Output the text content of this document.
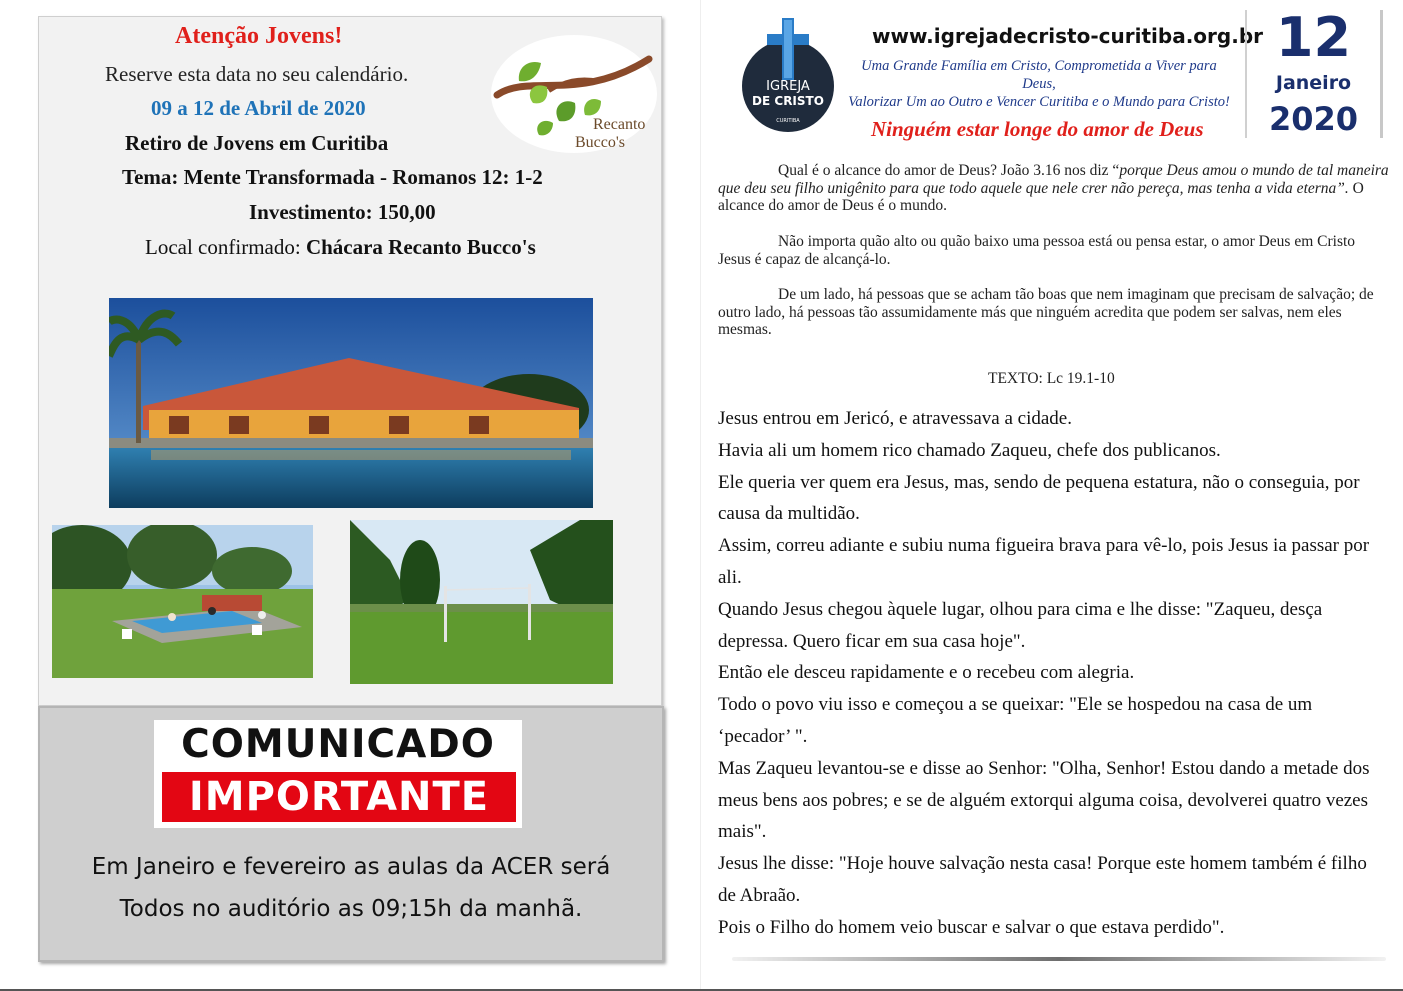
Atenção Jovens!
Reserve esta data no seu calendário.
09 a 12 de Abril de 2020
Retiro de Jovens em Curitiba
Tema: Mente Transformada - Romanos 12: 1-2
Investimento: 150,00
Local confirmado: Chácara Recanto Bucco's
Recanto
Bucco's
COMUNICADO
IMPORTANTE
Em Janeiro e fevereiro as aulas da ACER será
Todos no auditório as 09;15h da manhã.
IGREJA
DE CRISTO
CURITIBA
www.igrejadecristo-curitiba.org.br
Uma Grande Família em Cristo, Comprometida a Viver para Deus,
Valorizar Um ao Outro e Vencer Curitiba e o Mundo para Cristo!
Ninguém estar longe do amor de Deus
12
Janeiro
2020
Qual é o alcance do amor de Deus? João 3.16 nos diz “porque Deus amou o mundo de tal maneira que deu seu filho unigênito para que todo aquele que nele crer não pereça, mas tenha a vida eterna”. O alcance do amor de Deus é o mundo.
Não importa quão alto ou quão baixo uma pessoa está ou pensa estar, o amor Deus em Cristo Jesus é capaz de alcançá-lo.
De um lado, há pessoas que se acham tão boas que nem imaginam que precisam de salvação; de outro lado, há pessoas tão assumidamente más que ninguém acredita que podem ser salvas, nem eles mesmas.
TEXTO: Lc 19.1-10
Jesus entrou em Jericó, e atravessava a cidade.
Havia ali um homem rico chamado Zaqueu, chefe dos publicanos.
Ele queria ver quem era Jesus, mas, sendo de pequena estatura, não o conseguia, por causa da multidão.
Assim, correu adiante e subiu numa figueira brava para vê-lo, pois Jesus ia passar por ali.
Quando Jesus chegou àquele lugar, olhou para cima e lhe disse: "Zaqueu, desça depressa. Quero ficar em sua casa hoje".
Então ele desceu rapidamente e o recebeu com alegria.
Todo o povo viu isso e começou a se queixar: "Ele se hospedou na casa de um ‘pecador’ ".
Mas Zaqueu levantou-se e disse ao Senhor: "Olha, Senhor! Estou dando a metade dos meus bens aos pobres; e se de alguém extorqui alguma coisa, devolverei quatro vezes mais".
Jesus lhe disse: "Hoje houve salvação nesta casa! Porque este homem também é filho de Abraão.
Pois o Filho do homem veio buscar e salvar o que estava perdido".
